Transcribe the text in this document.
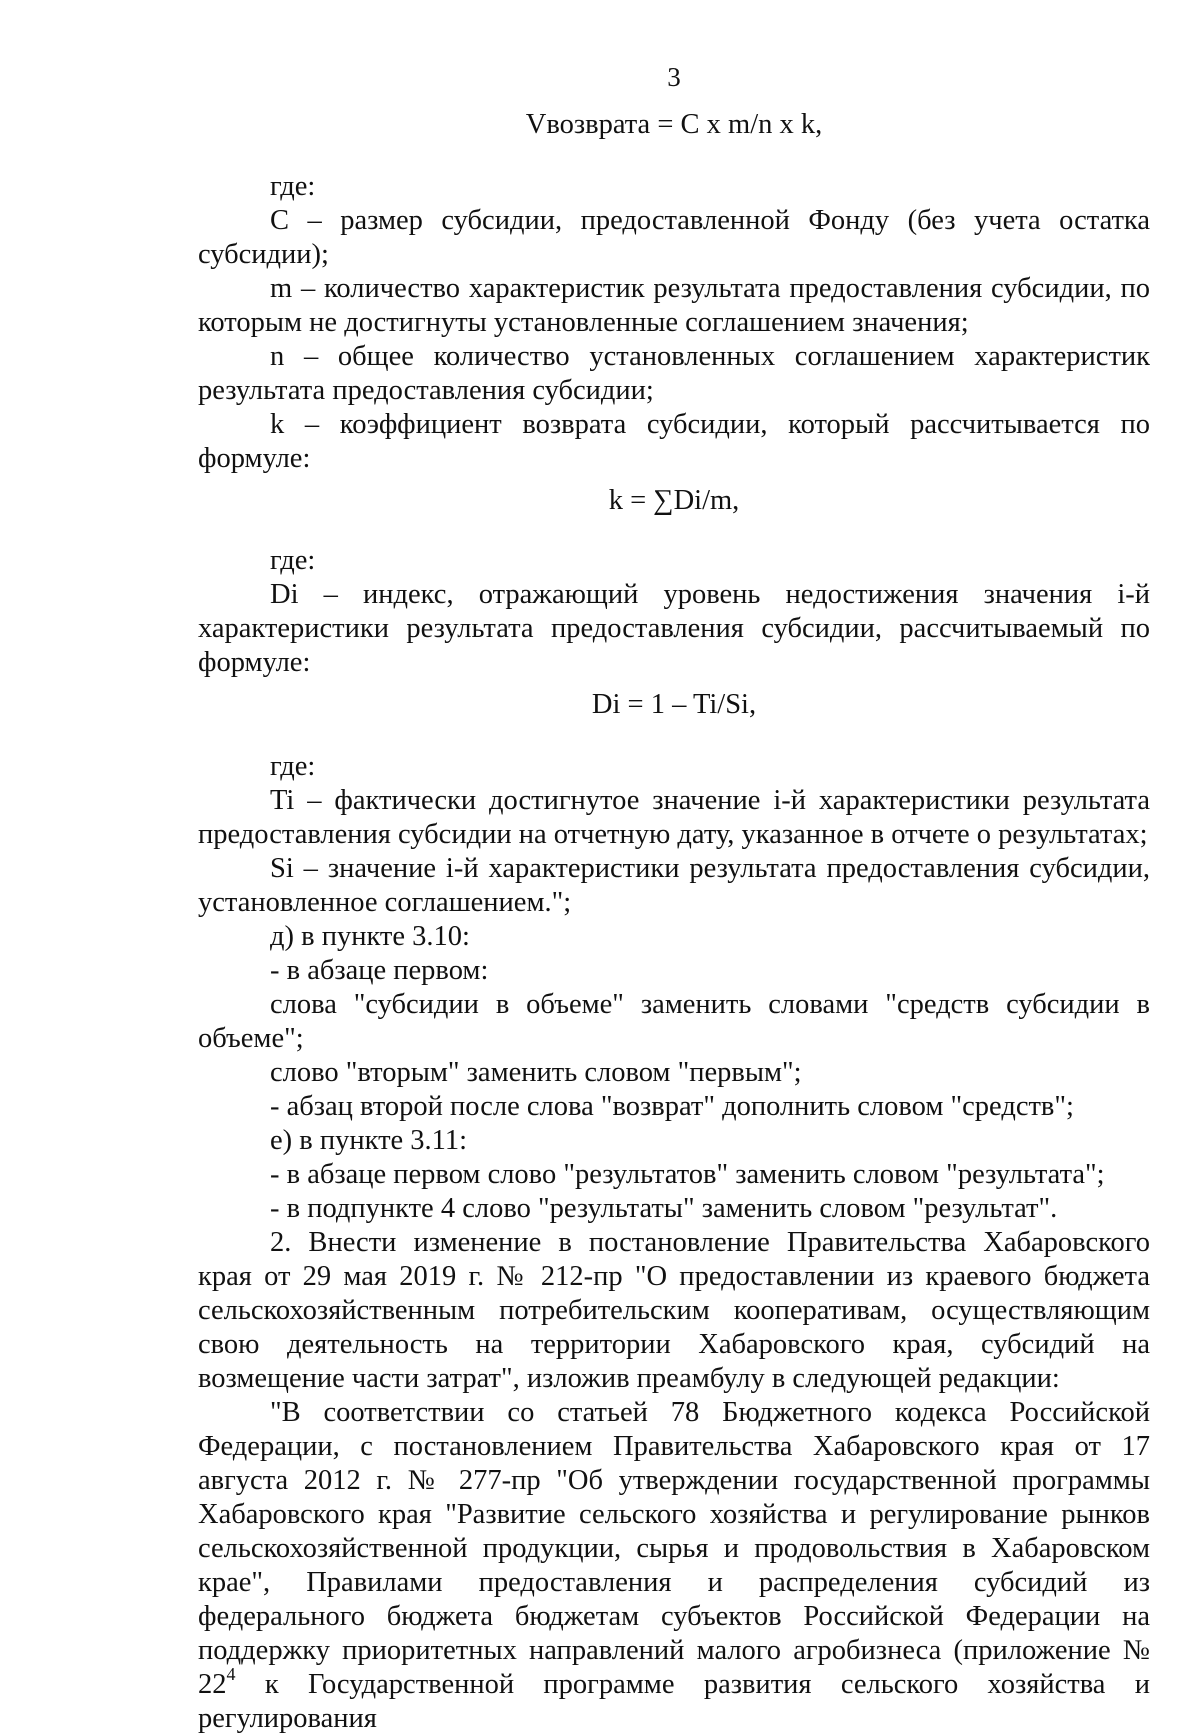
3
Vвозврата = C x m/n x k,

где:

C – размер субсидии, предоставленной Фонду (без учета остатка субсидии);

m – количество характеристик результата предоставления субсидии, по которым не достигнуты установленные соглашением значения;

n – общее количество установленных соглашением характеристик результата предоставления субсидии;

k – коэффициент возврата субсидии, который рассчитывается по формуле:

k = ∑Di/m,

где:

Di – индекс, отражающий уровень недостижения значения i-й характеристики результата предоставления субсидии, рассчитываемый по формуле:

Di = 1 – Ti/Si,

где:

Ti – фактически достигнутое значение i-й характеристики результата предоставления субсидии на отчетную дату, указанное в отчете о результатах;

Si – значение i-й характеристики результата предоставления субсидии, установленное соглашением.";

д) в пункте 3.10:

- в абзаце первом:

слова "субсидии в объеме" заменить словами "средств субсидии в объеме";

слово "вторым" заменить словом "первым";

- абзац второй после слова "возврат" дополнить словом "средств";

е) в пункте 3.11:

- в абзаце первом слово "результатов" заменить словом "результата";

- в подпункте 4 слово "результаты" заменить словом "результат".

2. Внести изменение в постановление Правительства Хабаровского края от 29 мая 2019 г. № 212-пр "О предоставлении из краевого бюджета сельскохозяйственным потребительским кооперативам, осуществляющим свою деятельность на территории Хабаровского края, субсидий на возмещение части затрат", изложив преамбулу в следующей редакции:

"В соответствии со статьей 78 Бюджетного кодекса Российской Федерации, с постановлением Правительства Хабаровского края от 17 августа 2012 г. № 277-пр "Об утверждении государственной программы Хабаровского края "Развитие сельского хозяйства и регулирование рынков сельскохозяйственной продукции, сырья и продовольствия в Хабаровском крае", Правилами предоставления и распределения субсидий из федерального бюджета бюджетам субъектов Российской Федерации на поддержку приоритетных направлений малого агробизнеса (приложение № $22^4$ к Государственной программе развития сельского хозяйства и регулирования
